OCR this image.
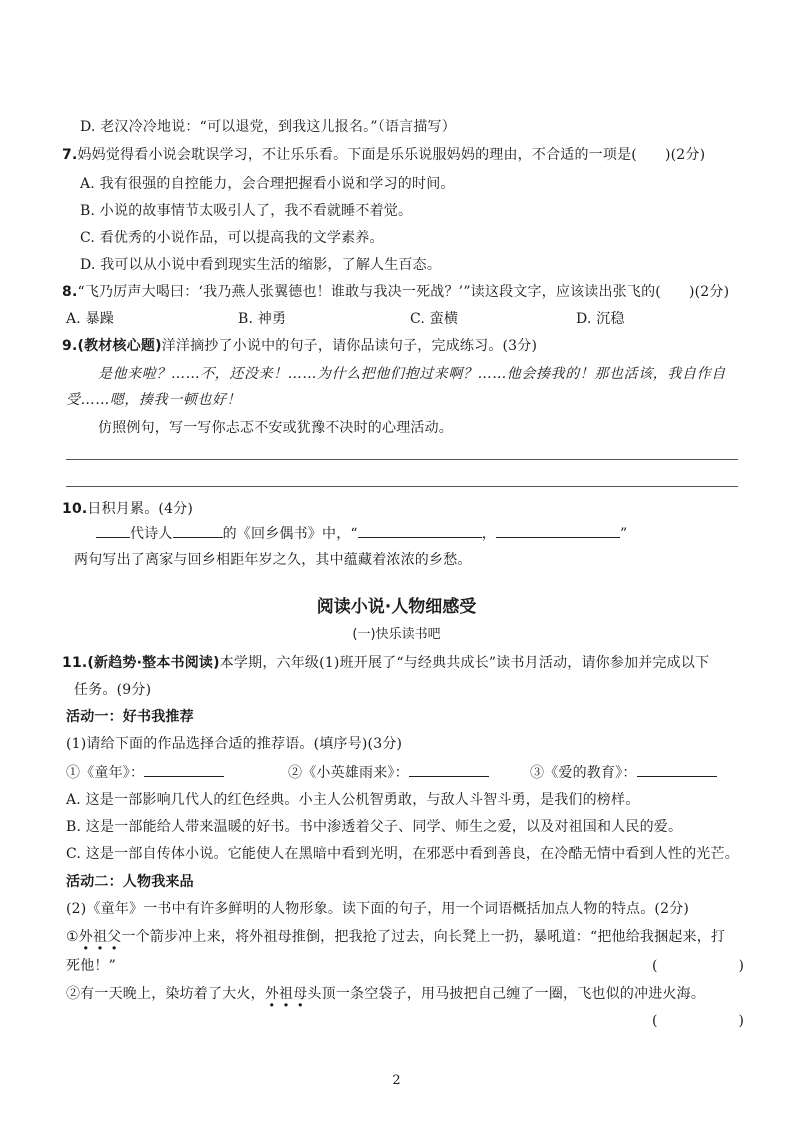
D. 老汉冷冷地说：“可以退党，到我这儿报名。”（语言描写）
7.妈妈觉得看小说会耽误学习，不让乐乐看。下面是乐乐说服妈妈的理由，不合适的一项是( )(2分)
A. 我有很强的自控能力，会合理把握看小说和学习的时间。
B. 小说的故事情节太吸引人了，我不看就睡不着觉。
C. 看优秀的小说作品，可以提高我的文学素养。
D. 我可以从小说中看到现实生活的缩影，了解人生百态。
8.“飞乃厉声大喝曰：‘我乃燕人张翼德也！谁敢与我决一死战？’”读这段文字，应该读出张飞的( )(2分)
A. 暴躁	B. 神勇	C. 蛮横	D. 沉稳
9.(教材核心题)洋洋摘抄了小说中的句子，请你品读句子，完成练习。(3分)
是他来啦？……不，还没来！……为什么把他们抱过来啊？……他会揍我的！那也活该，我自作自
受……嗯，揍我一顿也好！
仿照例句，写一写你忐忑不安或犹豫不决时的心理活动。
10.日积月累。(4分)
代诗人	的《回乡偶书》中，“	，	”
两句写出了离家与回乡相距年岁之久，其中蕴藏着浓浓的乡愁。
阅读小说·人物细感受
(一)快乐读书吧
11.(新趋势·整本书阅读)本学期，六年级(1)班开展了“与经典共成长”读书月活动，请你参加并完成以下
任务。(9分)
活动一：好书我推荐
(1)请给下面的作品选择合适的推荐语。(填序号)(3分)
①《童年》：	②《小英雄雨来》：	③《爱的教育》：
A. 这是一部影响几代人的红色经典。小主人公机智勇敢，与敌人斗智斗勇，是我们的榜样。
B. 这是一部能给人带来温暖的好书。书中渗透着父子、同学、师生之爱，以及对祖国和人民的爱。
C. 这是一部自传体小说。它能使人在黑暗中看到光明，在邪恶中看到善良，在冷酷无情中看到人性的光芒。
活动二：人物我来品
(2)《童年》一书中有许多鲜明的人物形象。读下面的句子，用一个词语概括加点人物的特点。(2分)
①外祖父一个箭步冲上来，将外祖母推倒，把我抢了过去，向长凳上一扔，暴吼道：“把他给我捆起来，打
死他！”	(	)
②有一天晚上，染坊着了大火，外祖母头顶一条空袋子，用马披把自己缠了一圈，飞也似的冲进火海。
(	)
2
